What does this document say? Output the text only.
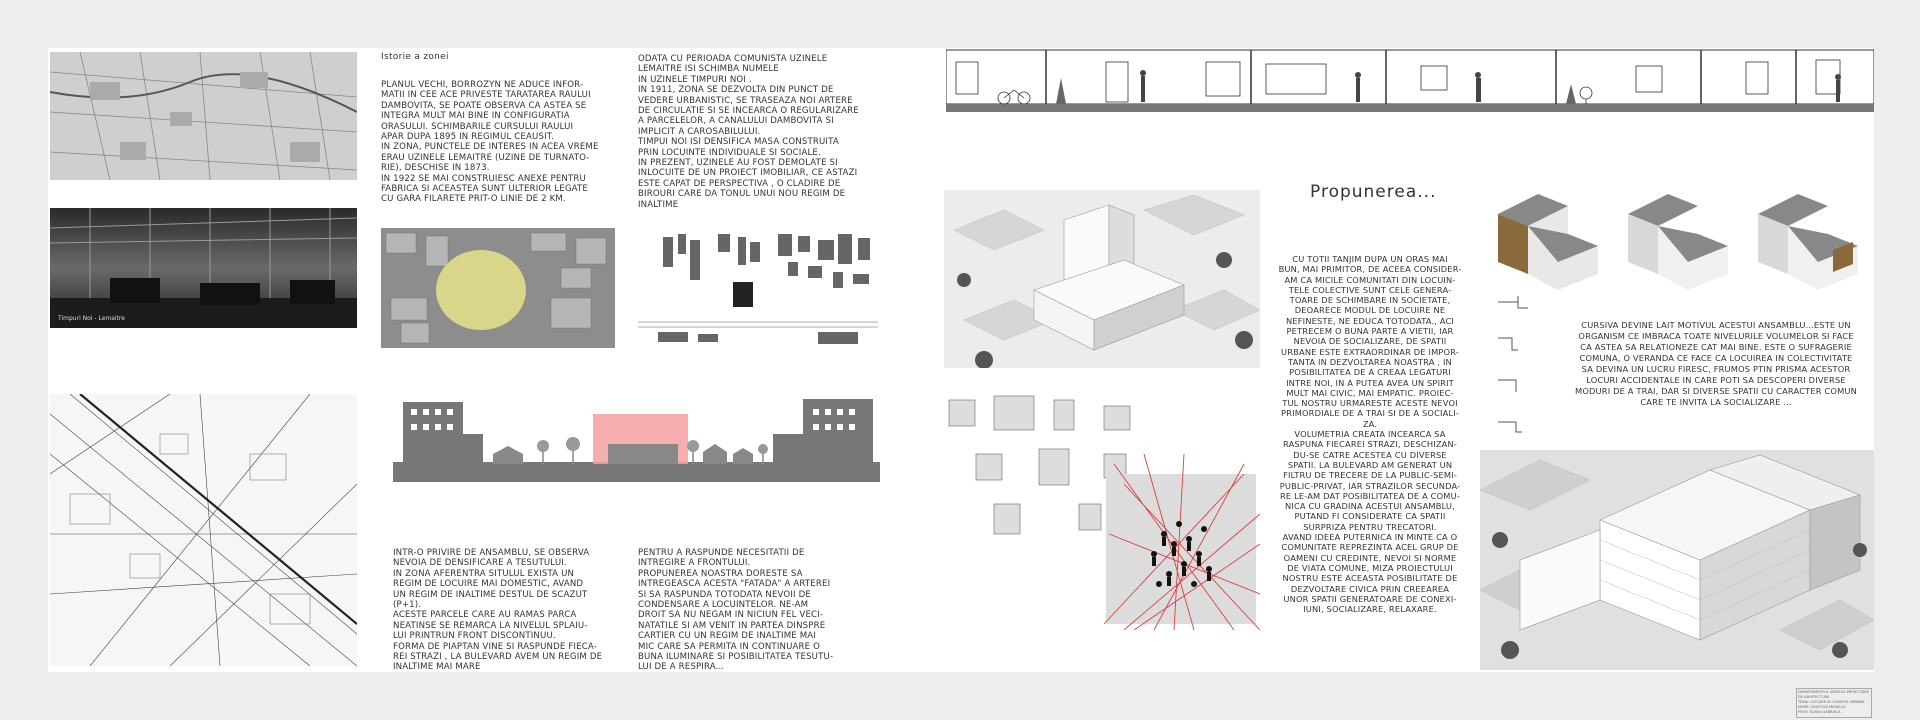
Timpuri Noi - Lemaitre
Istorie a zonei
PLANUL VECHI, BORROZYN NE ADUCE INFOR-
MATII IN CEE ACE PRIVESTE TARATAREA RAULUI
DAMBOVITA, SE POATE OBSERVA CA ASTEA SE
INTEGRA MULT MAI BINE IN CONFIGURATIA
ORASULUI. SCHIMBARILE CURSULUI RAULUI
APAR DUPA 1895 IN REGIMUL CEAUSIT.
IN ZONA, PUNCTELE DE INTERES IN ACEA VREME
ERAU UZINELE LEMAITRE (UZINE DE TURNATO-
RIE), DESCHISE IN 1873.
IN 1922 SE MAI CONSTRUIESC ANEXE PENTRU
FABRICA SI ACEASTEA SUNT ULTERIOR LEGATE
CU GARA FILARETE PRIT-O LINIE DE 2 KM.
ODATA CU PERIOADA COMUNISTA UZINELE
LEMAITRE ISI SCHIMBA NUMELE
IN UZINELE TIMPURI NOI .
IN 1911, ZONA SE DEZVOLTA DIN PUNCT DE
VEDERE URBANISTIC, SE TRASEAZA NOI ARTERE
DE CIRCULATIE SI SE INCEARCA O REGULARIZARE
A PARCELELOR, A CANALULUI DAMBOVITA SI
IMPLICIT A CAROSABILULUI.
TIMPUI NOI ISI DENSIFICA MASA CONSTRUITA
PRIN LOCUINTE INDIVIDUALE SI SOCIALE.
IN PREZENT, UZINELE AU FOST DEMOLATE SI
INLOCUITE DE UN PROIECT IMOBILIAR, CE ASTAZI
ESTE CAPAT DE PERSPECTIVA , O CLADIRE DE
BIROURI CARE DA TONUL UNUI NOU REGIM DE
INALTIME
INTR-O PRIVIRE DE ANSAMBLU, SE OBSERVA
NEVOIA DE DENSIFICARE A TESUTULUI.
IN ZONA AFERENTRA SITULUL EXISTA UN
REGIM DE LOCUIRE MAI DOMESTIC, AVAND
UN REGIM DE INALTIME DESTUL DE SCAZUT
(P+1).
ACESTE PARCELE CARE AU RAMAS PARCA
NEATINSE SE REMARCA LA NIVELUL SPLAIU-
LUI PRINTRUN FRONT DISCONTINUU.
FORMA DE PIAPTAN VINE SI RASPUNDE FIECA-
REI STRAZI , LA BULEVARD AVEM UN REGIM DE
INALTIME MAI MARE
PENTRU A RASPUNDE NECESITATII DE
INTREGIRE A FRONTULUI.
PROPUNEREA NOASTRA DORESTE SA
INTREGEASCA ACESTA "FATADA" A ARTEREI
SI SA RASPUNDA TOTODATA NEVOII DE
CONDENSARE A LOCUINTELOR. NE-AM
DROIT SA NU NEGAM IN NICIUN FEL VECI-
NATATILE SI AM VENIT IN PARTEA DINSPRE
CARTIER CU UN REGIM DE INALTIME MAI
MIC CARE SA PERMITA IN CONTINUARE O
BUNA ILUMINARE SI POSIBILITATEA TESUTU-
LUI DE A RESPIRA...
Propunerea...
CU TOTII TANJIM DUPA UN ORAS MAI
BUN, MAI PRIMITOR, DE ACEEA CONSIDER-
AM CA MICILE COMUNITATI DIN LOCUIN-
TELE COLECTIVE SUNT CELE GENERA-
TOARE DE SCHIMBARE IN SOCIETATE,
DEOARECE MODUL DE LOCUIRE NE
NEFINESTE, NE EDUCA TOTODATA., ACI
PETRECEM O BUNA PARTE A VIETII, IAR
NEVOIA DE SOCIALIZARE, DE SPATII
URBANE ESTE EXTRAORDINAR DE IMPOR-
TANTA IN DEZVOLTAREA NOASTRA , IN
POSIBILITATEA DE A CREAA LEGATURI
INTRE NOI, IN A PUTEA AVEA UN SPIRIT
MULT MAI CIVIC, MAI EMPATIC. PROIEC-
TUL NOSTRU URMARESTE ACESTE NEVOI
PRIMORDIALE DE A TRAI SI DE A SOCIALI-
ZA.
VOLUMETRIA CREATA INCEARCA SA
RASPUNA FIECAREI STRAZI, DESCHIZAN-
DU-SE CATRE ACESTEA CU DIVERSE
SPATII. LA BULEVARD AM GENERAT UN
FILTRU DE TRECERE DE LA PUBLIC-SEMI-
PUBLIC-PRIVAT, IAR STRAZILOR SECUNDA-
RE LE-AM DAT POSIBILITATEA DE A COMU-
NICA CU GRADINA ACESTUI ANSAMBLU,
PUTAND FI CONSIDERATE CA SPATII
SURPRIZA PENTRU TRECATORI.
AVAND IDEEA PUTERNICA IN MINTE CA O
COMUNITATE REPREZINTA ACEL GRUP DE
OAMENI CU CREDINTE, NEVOI SI NORME
DE VIATA COMUNE, MIZA PROIECTULUI
NOSTRU ESTE ACEASTA POSIBILITATE DE
DEZVOLTARE CIVICA PRIN CREEAREA
UNOR SPATII GENERATOARE DE CONEXI-
IUNI, SOCIALIZARE, RELAXARE.
CURSIVA DEVINE LAIT MOTIVUL ACESTUI ANSAMBLU...ESTE UN
ORGANISM CE IMBRACA TOATE NIVELURILE VOLUMELOR SI FACE
CA ASTEA SA RELATIONEZE CAT MAI BINE. ESTE O SUFRAGERIE
COMUNA, O VERANDA CE FACE CA LOCUIREA IN COLECTIVITATE
SA DEVINA UN LUCRU FIRESC, FRUMOS PTIN PRISMA ACESTOR
LOCURI ACCIDENTALE IN CARE POTI SA DESCOPERI DIVERSE
MODURI DE A TRAI, DAR SI DIVERSE SPATII CU CARACTER COMUN
CARE TE INVITA LA SOCIALIZARE ...
DEPARTAMENTUL SINTEZA PROIECTARE DE ARHITECTURA
TEMA: LOCUIRE IN CONDITII URBANE
NUME: SANTOSII MIHAELA
PROF: ELENA GABRIELA
